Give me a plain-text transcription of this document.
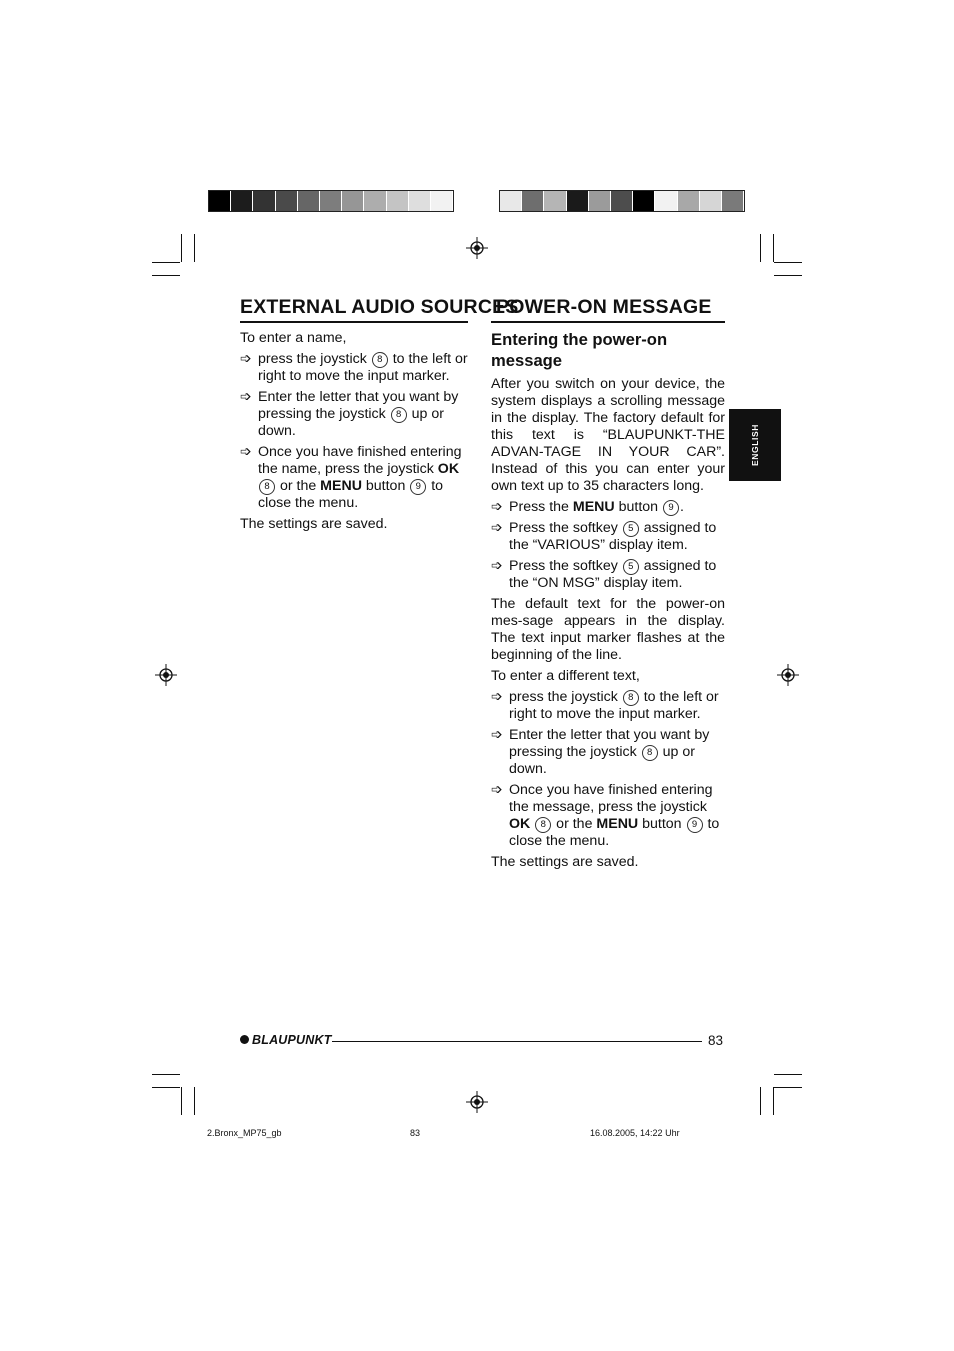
EXTERNAL AUDIO SOURCES
POWER-ON MESSAGE
ENGLISH

To enter a name,

➩ press the joystick 8 to the left or right to move the input marker.
➩ Enter the letter that you want by pressing the joystick 8 up or down.
➩ Once you have finished entering the name, press the joystick OK 8 or the MENU button 9 to close the menu.

The settings are saved.

Entering the power-on message

After you switch on your device, the system displays a scrolling message in the display. The factory default for this text is “BLAUPUNKT-THE ADVAN-TAGE IN YOUR CAR”. Instead of this you can enter your own text up to 35 characters long.

➩ Press the MENU button 9 .
➩ Press the softkey 5 assigned to the “VARIOUS” display item.
➩ Press the softkey 5 assigned to the “ON MSG” display item.

The default text for the power-on mes-sage appears in the display. The text input marker flashes at the beginning of the line.

To enter a different text,

➩ press the joystick 8 to the left or right to move the input marker.
➩ Enter the letter that you want by pressing the joystick 8 up or down.
➩ Once you have finished entering the message, press the joystick OK 8 or the MENU button 9 to close the menu.

The settings are saved.

BLAUPUNKT	83
2.Bronx_MP75_gb	83	16.08.2005, 14:22 Uhr
